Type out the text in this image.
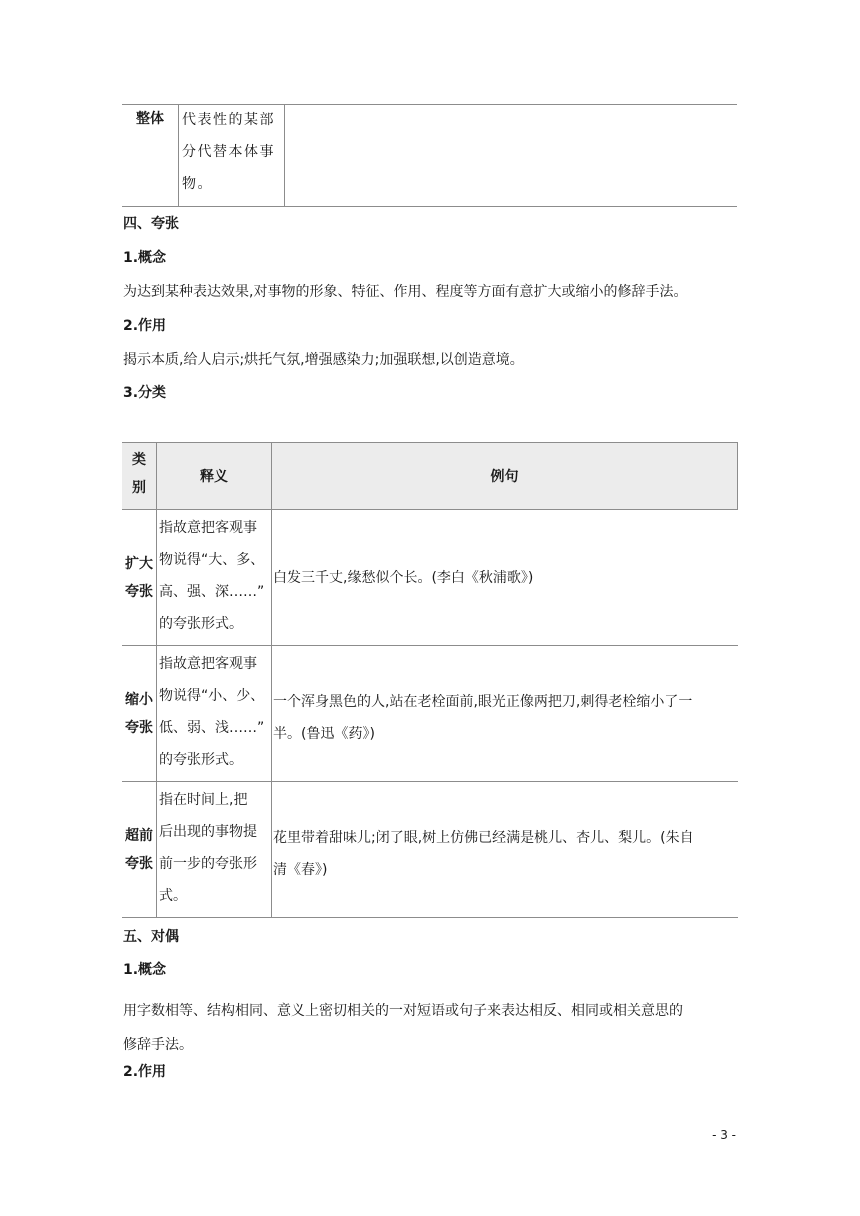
整体	代表性的某部
分代替本体事
物。
四、夸张
1.概念
为达到某种表达效果,对事物的形象、特征、作用、程度等方面有意扩大或缩小的修辞手法。
2.作用
揭示本质,给人启示;烘托气氛,增强感染力;加强联想,以创造意境。
3.分类
类
别
释义	例句
扩大
夸张
指故意把客观事
物说得“大、多、
高、强、深……”
的夸张形式。
白发三千丈,缘愁似个长。(李白《秋浦歌》)
缩小
夸张
指故意把客观事
物说得“小、少、
低、弱、浅……”
的夸张形式。
一个浑身黑色的人,站在老栓面前,眼光正像两把刀,刺得老栓缩小了一
半。(鲁迅《药》)
超前
夸张
指在时间上,把
后出现的事物提
前一步的夸张形
式。
花里带着甜味儿;闭了眼,树上仿佛已经满是桃儿、杏儿、梨儿。(朱自
清《春》)
五、对偶
1.概念
用字数相等、结构相同、意义上密切相关的一对短语或句子来表达相反、相同或相关意思的
修辞手法。
2.作用
- 3 -
